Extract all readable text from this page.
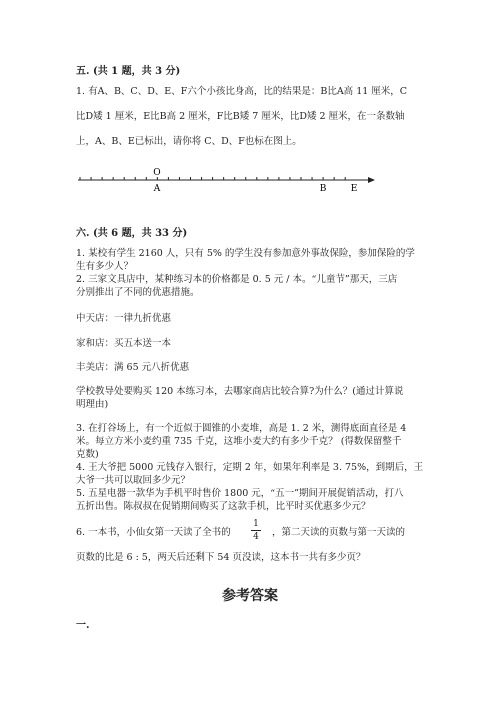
五. (共 1 题，共 3 分)
1. 有A、B、C、D、E、F六个小孩比身高，比的结果是：B比A高 11 厘米，C
比D矮 1 厘米，E比B高 2 厘米，F比B矮 7 厘米，比D矮 2 厘米，在一条数轴
上，A、B、E已标出，请你将 C、D、F也标在图上。
O
A	B	E
六. (共 6 题，共 33 分)
1. 某校有学生 2160 人，只有 5% 的学生没有参加意外事故保险，参加保险的学
生有多少人？
2. 三家文具店中，某种练习本的价格都是 0. 5 元 / 本。“儿童节”那天，三店
分别推出了不同的优惠措施。
中天店：一律九折优惠
家和店：买五本送一本
丰美店：满 65 元八折优惠
学校教导处要购买 120 本练习本，去哪家商店比较合算?为什么？(通过计算说
明理由)
3. 在打谷场上，有一个近似于圆锥的小麦堆，高是 1. 2 米，测得底面直径是 4
米。每立方米小麦约重 735 千克，这堆小麦大约有多少千克？ (得数保留整千
克数)
4. 王大爷把 5000 元钱存入银行，定期 2 年，如果年利率是 3. 75%，到期后，王
大爷一共可以取回多少元？
5. 五星电器一款华为手机平时售价 1800 元，“五一”期间开展促销活动，打八
五折出售。陈叔叔在促销期间购买了这款手机，比平时买优惠多少元？
6. 一本书，小仙女第一天读了全书的
1
4 ，第二天读的页数与第一天读的
页数的比是 6 : 5，两天后还剩下 54 页没读，这本书一共有多少页？
参考答案
一.
